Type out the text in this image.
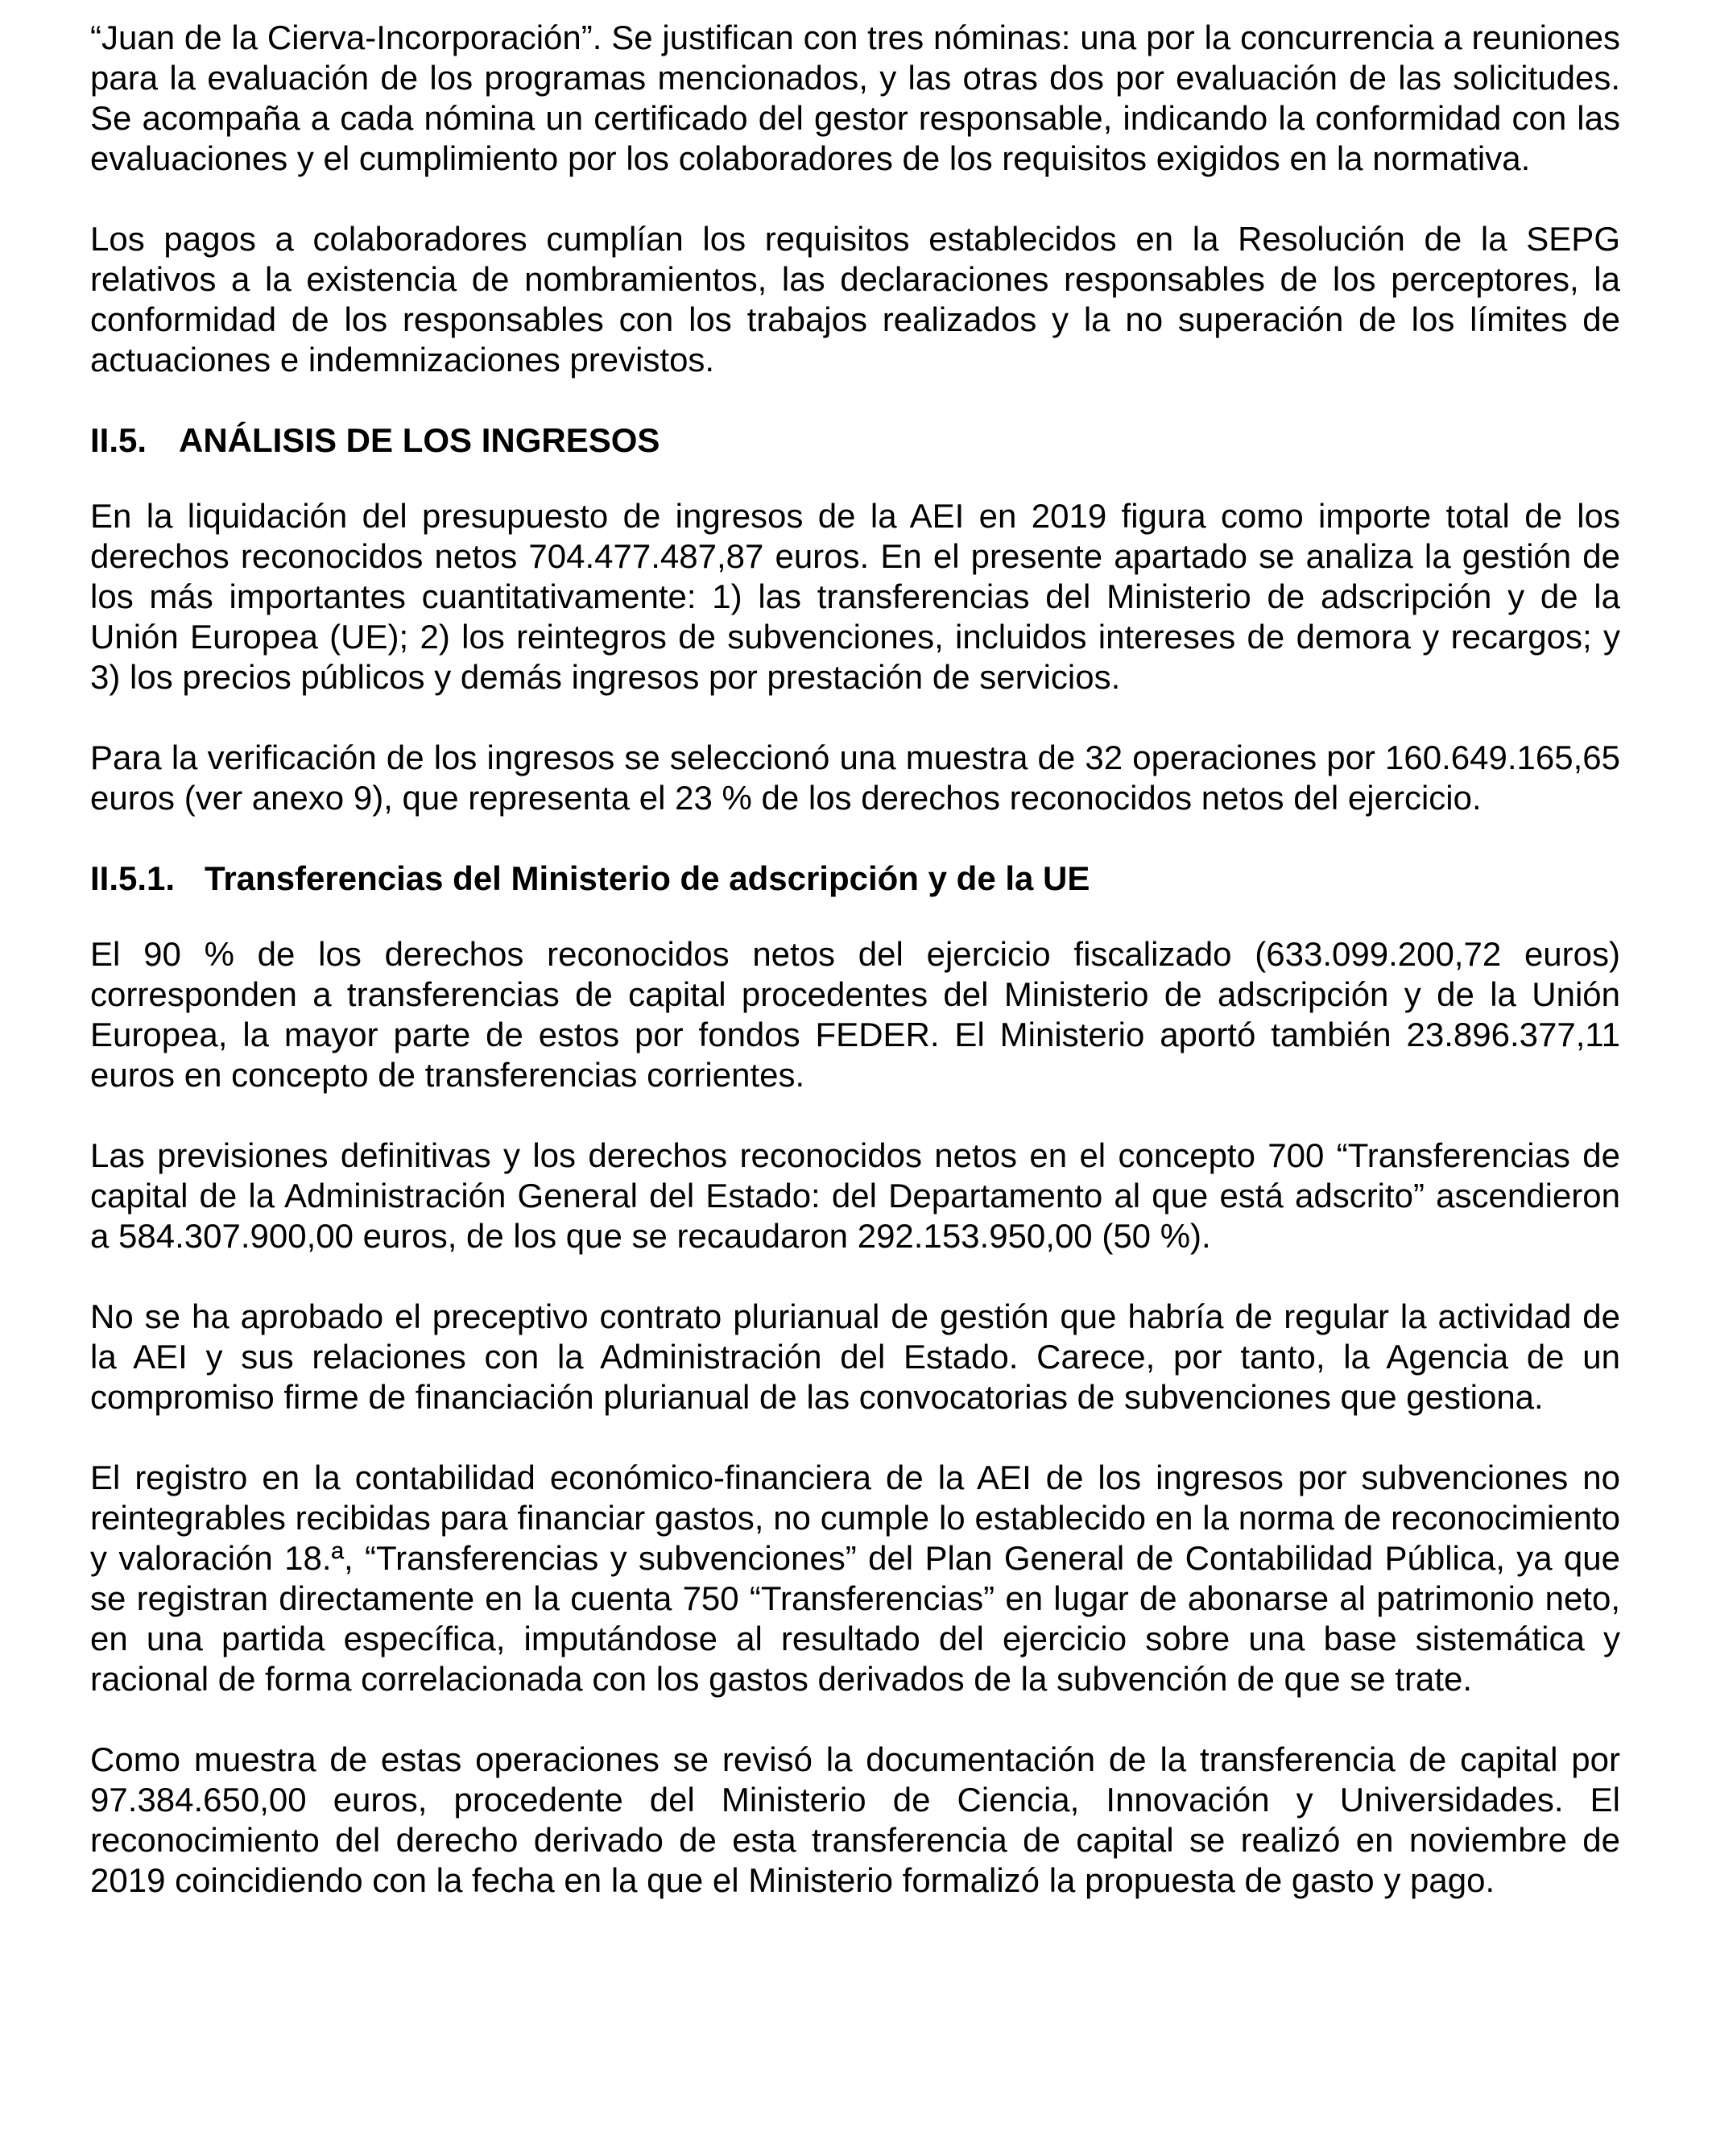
“Juan de la Cierva-Incorporación”. Se justifican con tres nóminas: una por la concurrencia a reuniones para la evaluación de los programas mencionados, y las otras dos por evaluación de las solicitudes. Se acompaña a cada nómina un certificado del gestor responsable, indicando la conformidad con las evaluaciones y el cumplimiento por los colaboradores de los requisitos exigidos en la normativa.

Los pagos a colaboradores cumplían los requisitos establecidos en la Resolución de la SEPG relativos a la existencia de nombramientos, las declaraciones responsables de los perceptores, la conformidad de los responsables con los trabajos realizados y la no superación de los límites de actuaciones e indemnizaciones previstos.

II.5. ANÁLISIS DE LOS INGRESOS

En la liquidación del presupuesto de ingresos de la AEI en 2019 figura como importe total de los derechos reconocidos netos 704.477.487,87 euros. En el presente apartado se analiza la gestión de los más importantes cuantitativamente: 1) las transferencias del Ministerio de adscripción y de la Unión Europea (UE); 2) los reintegros de subvenciones, incluidos intereses de demora y recargos; y 3) los precios públicos y demás ingresos por prestación de servicios.

Para la verificación de los ingresos se seleccionó una muestra de 32 operaciones por 160.649.165,65 euros (ver anexo 9), que representa el 23 % de los derechos reconocidos netos del ejercicio.

II.5.1. Transferencias del Ministerio de adscripción y de la UE

El 90 % de los derechos reconocidos netos del ejercicio fiscalizado (633.099.200,72 euros) corresponden a transferencias de capital procedentes del Ministerio de adscripción y de la Unión Europea, la mayor parte de estos por fondos FEDER. El Ministerio aportó también 23.896.377,11 euros en concepto de transferencias corrientes.

Las previsiones definitivas y los derechos reconocidos netos en el concepto 700 “Transferencias de capital de la Administración General del Estado: del Departamento al que está adscrito” ascendieron a 584.307.900,00 euros, de los que se recaudaron 292.153.950,00 (50 %).

No se ha aprobado el preceptivo contrato plurianual de gestión que habría de regular la actividad de la AEI y sus relaciones con la Administración del Estado. Carece, por tanto, la Agencia de un compromiso firme de financiación plurianual de las convocatorias de subvenciones que gestiona.

El registro en la contabilidad económico-financiera de la AEI de los ingresos por subvenciones no reintegrables recibidas para financiar gastos, no cumple lo establecido en la norma de reconocimiento y valoración 18.ª, “Transferencias y subvenciones” del Plan General de Contabilidad Pública, ya que se registran directamente en la cuenta 750 “Transferencias” en lugar de abonarse al patrimonio neto, en una partida específica, imputándose al resultado del ejercicio sobre una base sistemática y racional de forma correlacionada con los gastos derivados de la subvención de que se trate.

Como muestra de estas operaciones se revisó la documentación de la transferencia de capital por 97.384.650,00 euros, procedente del Ministerio de Ciencia, Innovación y Universidades. El reconocimiento del derecho derivado de esta transferencia de capital se realizó en noviembre de 2019 coincidiendo con la fecha en la que el Ministerio formalizó la propuesta de gasto y pago.
